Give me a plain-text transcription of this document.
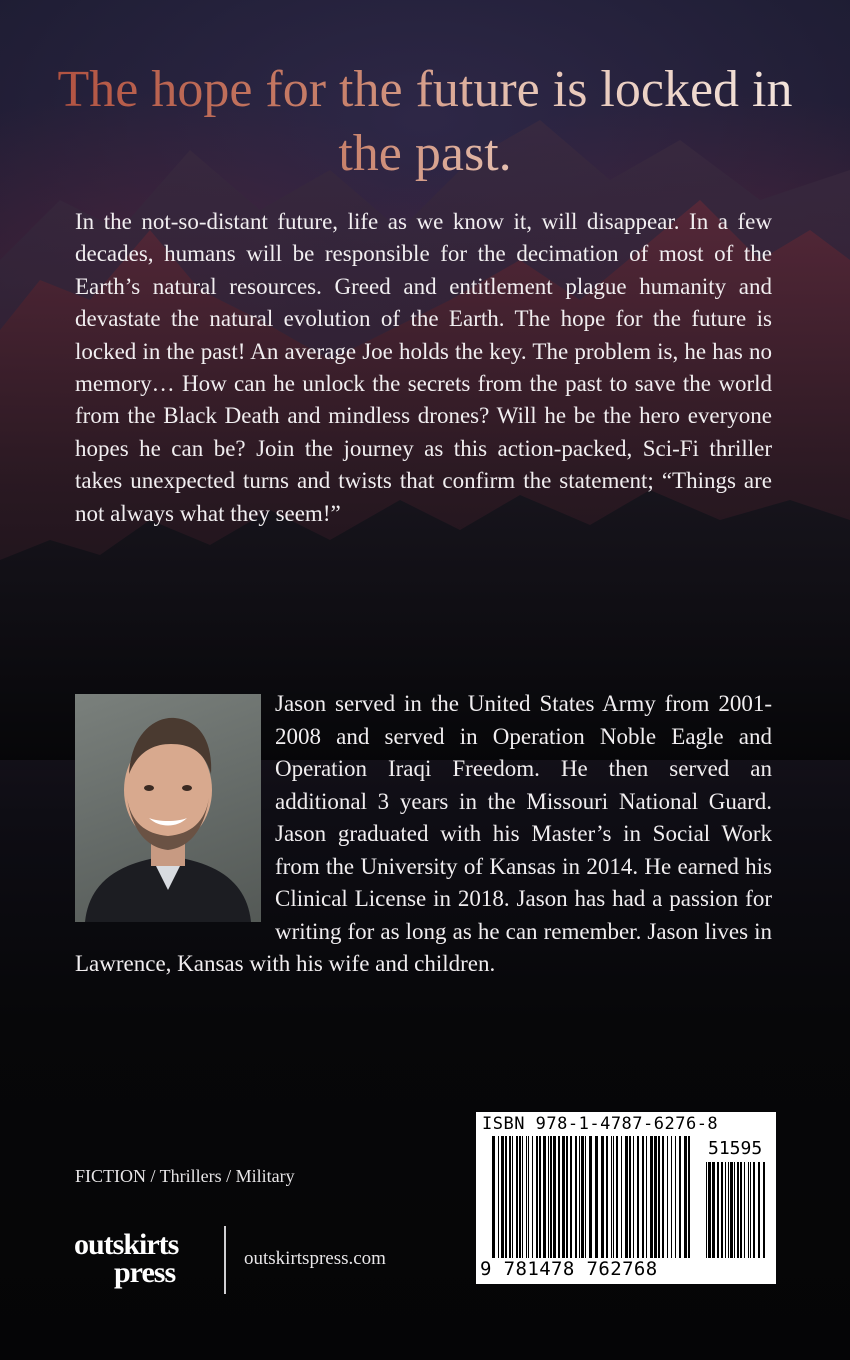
The hope for the future is locked in the past.

In the not-so-distant future, life as we know it, will disappear. In a few decades, humans will be responsible for the decimation of most of the Earth’s natural resources. Greed and entitlement plague humanity and devastate the natural evolution of the Earth. The hope for the future is locked in the past! An average Joe holds the key. The problem is, he has no memory… How can he unlock the secrets from the past to save the world from the Black Death and mindless drones? Will he be the hero everyone hopes he can be? Join the journey as this action-packed, Sci-Fi thriller takes unexpected turns and twists that confirm the statement; “Things are not always what they seem!”

Jason served in the United States Army from 2001-2008 and served in Operation Noble Eagle and Operation Iraqi Freedom. He then served an additional 3 years in the Missouri National Guard. Jason graduated with his Master’s in Social Work from the University of Kansas in 2014. He earned his Clinical License in 2018. Jason has had a passion for writing for as long as he can remember. Jason lives in Lawrence, Kansas with his wife and children.
FICTION / Thrillers / Military
outskirts
press	outskirtspress.com
ISBN 978-1-4787-6276-8
51595
9 781478 762768
